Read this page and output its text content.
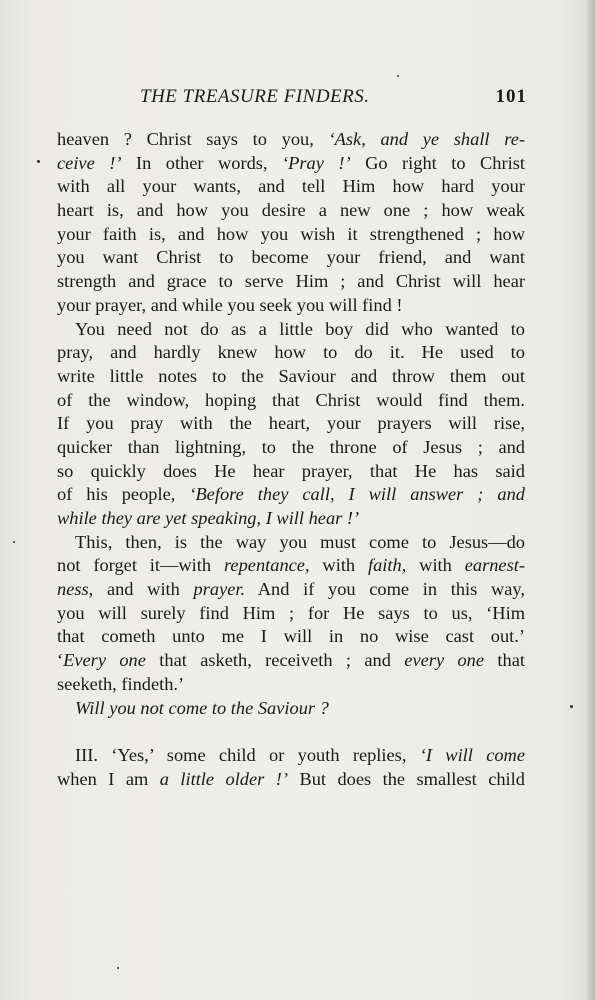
THE TREASURE FINDERS.	101
heaven ? Christ says to you, ‘Ask, and ye shall re-
ceive !’ In other words, ‘Pray !’ Go right to Christ
with all your wants, and tell Him how hard your
heart is, and how you desire a new one ; how weak
your faith is, and how you wish it strengthened ; how
you want Christ to become your friend, and want
strength and grace to serve Him ; and Christ will hear
your prayer, and while you seek you will find !
You need not do as a little boy did who wanted to
pray, and hardly knew how to do it. He used to
write little notes to the Saviour and throw them out
of the window, hoping that Christ would find them.
If you pray with the heart, your prayers will rise,
quicker than lightning, to the throne of Jesus ; and
so quickly does He hear prayer, that He has said
of his people, ‘Before they call, I will answer ; and
while they are yet speaking, I will hear !’
This, then, is the way you must come to Jesus—do
not forget it—with repentance, with faith, with earnest-
ness, and with prayer. And if you come in this way,
you will surely find Him ; for He says to us, ‘Him
that cometh unto me I will in no wise cast out.’
‘Every one that asketh, receiveth ; and every one that
seeketh, findeth.’
Will you not come to the Saviour ?
III. ‘Yes,’ some child or youth replies, ‘I will come
when I am a little older !’ But does the smallest child
